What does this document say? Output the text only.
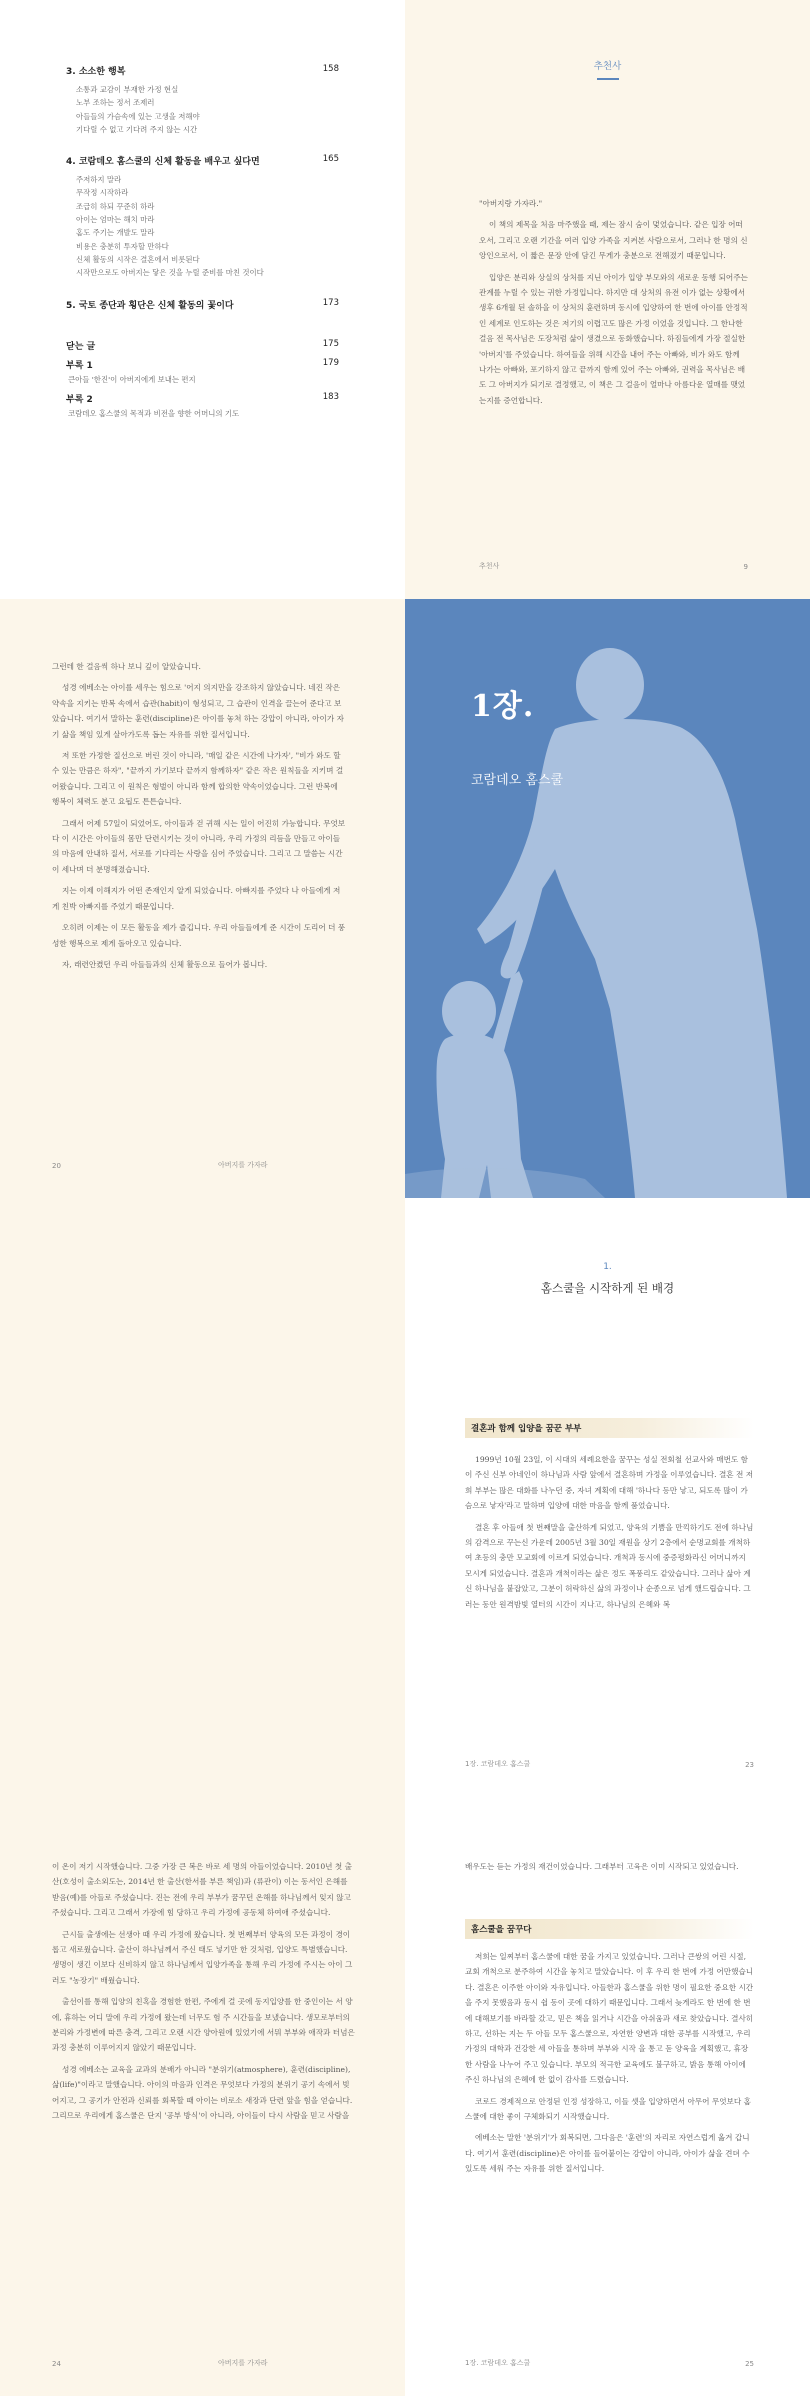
3. 소소한 행복	158
소통과 교감이 부재한 가정 현실
노부 조하는 정서 조제러
아들들의 가슴속에 있는 고생을 저해야
기다릴 수 없고 기다려 주지 않는 시간
4. 코람데오 홈스쿨의 신체 활동을 배우고 싶다면	165
주저하지 말라
무작정 시작하라
조급히 하되 꾸준히 하라
아이는 엄마는 해치 마라
홈도 주기는 개발도 말라
비용은 충분히 투자할 만하다
신체 활동의 시작은 결혼에서 비롯된다
시작만으로도 아버지는 닿은 것을 누릴 준비를 마친 것이다
5. 국토 종단과 횡단은 신체 활동의 꽃이다	173
닫는 글	175
부록 1	179
큰아들 '한진'이 아버지에게 보내는 편지
부록 2	183
코람데오 홈스쿨의 목적과 비전을 향한 어머니의 기도
추천사

"아버지랑 가자라."

이 책의 제목을 처음 마주했을 때, 제는 잠시 숨이 멎었습니다. 같은 입장 어떠오서, 그리고 오랜 기간을 여러 입양 가족을 지켜본 사람으로서, 그러나 한 명의 신앙인으로서, 이 짧은 문장 안에 담긴 무게가 충분으로 전해졌기 때문입니다.

입양은 분리와 상실의 상처를 지닌 아이가 입양 부모와의 새로운 동행 되어주는 관계를 누릴 수 있는 귀한 가정입니다. 하지만 대 상처의 유전 이가 없는 상황에서 생후 6개월 된 솔하을 이 상처의 훈련하며 동시에 입양하여 한 번에 아이를 안정적인 세계로 인도하는 것은 저기의 이렵고도 많은 가정 이었을 것입니다. 그 한나한 걸음 전 목사님은 도장처럼 삶이 생겼으로 동화했습니다. 하짐들에게 가장 절실한 '아버지'를 주었습니다. 하여들을 위해 시간을 내어 주는 아빠와, 비가 와도 함께 나가는 아빠와, 포기하지 않고 끝까지 함께 있어 주는 아빠와, 권력을 목사님은 배도 그 아버지가 되기로 결정했고, 이 책은 그 걸음이 얼마나 아름다운 열매를 맺었는지를 증언합니다.

추천사	9

그런데 한 걸음씩 하나 보니 깊이 알았습니다.

성경 에베소는 아이를 세우는 힘으로 '어지 의지만을 강조하지 않았습니다. 네진 작은 약속을 지키는 반복 속에서 습관(habit)이 형성되고, 그 습관이 인격을 끌는어 준다고 보았습니다. 여기서 말하는 훈련(discipline)은 아이를 놓쳐 하는 강압이 아니라, 아이가 자기 삶을 책임 있게 살아가도록 돕는 자유를 위한 질서입니다.

저 또한 가정한 질선으로 버린 것이 아니라, '매일 같은 시간에 나가자', "비가 와도 할 수 있는 만큼은 하자", "끝까지 가기보다 끝까지 함께하자" 같은 작은 원칙들을 지키며 걸어왔습니다. 그리고 이 원칙은 형벌이 아니라 함께 합의한 약속이었습니다. 그런 반복에 행복이 체력도 분고 요됩도 튼튼습니다.

그래서 어제 57일이 되었어도, 아이들과 걷 귀해 시는 일이 어진히 가능합니다. 무엇보다 이 시간은 아이들의 몸만 단련시키는 것이 아니라, 우리 가정의 리듬을 만들고 아이들의 마음에 안내하 질서, 서로를 기다리는 사랑을 심어 주었습니다. 그리고 그 말씀는 시간이 세나며 더 분명해졌습니다.

지는 이제 이해지가 어떤 존재인지 알게 되었습니다. 아빠지를 주었다 나 아들에게 저게 친박 아빠지를 주었기 때문입니다.

오히려 이제는 이 모든 활동을 제가 즐깁니다. 우리 아들들에게 준 시간이 도리어 더 풍성한 행복으로 제게 돌아오고 있습니다.

자, 래련안켰던 우리 아들들과의 신체 활동으로 들어가 봅니다.

20	아버지를 가자라
1장.
코람데오 홈스쿨
1.
홈스쿨을 시작하게 된 배경
결혼과 함께 입양을 꿈꾼 부부

1999년 10월 23일, 이 시대의 세례요한을 꿈꾸는 성실 전회철 선교사와 매번도 함이 주신 신부 아네인이 하나님과 사람 앞에서 결혼하며 가정을 이루었습니다. 결혼 전 저희 부부는 많은 대화를 나누던 중, 자녀 계획에 대해 '하나다 등만 낳고, 되도록 많이 가슴으로 낳자'라고 말하며 입양에 대한 마음을 함께 품었습니다.

결혼 후 아들애 첫 번째말을 출산하게 되었고, 양육의 기쁨을 만끽하기도 전에 하나님의 감격으로 꾸는신 가운데 2005년 3월 30일 재원을 상기 2층에서 순명교회를 개척하여 초등의 충만 모교회에 이르게 되었습니다. 개척과 동시에 중증평화라신 어머니까지 모시게 되었습니다. 결혼과 개척이라는 삶은 정도 폭풍리도 같았습니다. 그러나 삶아 계신 하나님을 붙잡았고, 그분이 허락하신 삶의 과정이나 순종으로 넘게 했드립습니다. 그러는 동안 원격밤빛 열터의 시간이 지나고, 하나님의 은혜와 복

1장. 코람데오 홈스쿨	23

이 온이 저기 시작했습니다. 그중 가장 큰 복은 바로 세 명의 아들이었습니다. 2010년 첫 출산(호성이 출소외도는, 2014년 한 출산(한서를 부른 책임)과 (류관이) 이는 동서인 은해를 받음(예)를 아들로 주셨습니다. 진는 전에 우리 부부가 꿈꾸던 온해를 하나님께서 잊지 않고 주셨습니다. 그리고 그래서 가장에 힘 당하고 우리 가정에 공동체 하여애 주셨습니다.

근시들 출생에는 선생아 때 우리 가정에 왔습니다. 첫 번째부터 양육의 모든 과정이 경이롭고 새로웠습니다. 출산이 하나님께서 주신 태도 넣기만 한 것처럼, 입양도 특별했습니다. 생명이 생긴 이보다 신비하지 않고 하나님께서 입양가족을 통해 우리 가정에 주시는 아이 그러도 "농장기" 배웠습니다.

출선이를 통해 입양의 친혹을 경험한 한편, 주에게 걸 곳에 동지입양를 한 중인이는 서 양에, 휴하는 어디 말에 우리 가정에 왔는데 너무도 험 주 시간들을 보냈습니다. 생모로부터의 분리와 가정변에 따른 충격, 그리고 오랜 시간 양아원에 있었기에 서뭐 부부와 애작과 터넘은 과정 충분히 이루어지지 않았기 때문입니다.

성경 에베소는 교육을 교과의 분배가 아니라 "분위기(atmosphere), 훈련(discipline), 삶(life)"이라고 말했습니다. 아이의 마음과 인격은 무엇보다 가정의 분위기 공기 속에서 빚어지고, 그 공기가 안전과 신뢰를 회복할 때 아이는 비로소 새장과 단련 앞을 힘을 얻습니다. 그리므로 우리에게 홈스쿨은 단지 '공부 방식'이 아니라, 아이들이 다시 사람을 믿고 사람을

24	아버지를 가자라

배우도는 듣는 가정의 재건이었습니다. 그래부터 고육은 이미 시작되고 있었습니다.

홈스쿨을 꿈꾸다

저희는 일찌부터 홈스쿨에 대한 꿈을 가지고 있었습니다. 그러나 큰쌍의 어린 시절, 교회 개척으로 분주하여 시간을 놓치고 말았습니다. 이 후 우리 한 번에 가정 어만했습니다. 결혼은 이주한 아이와 자유입니다. 아들한과 홈스쿨을 위한 명이 필요한 중요한 시간을 주지 못했음과 동시 쉽 동이 곳에 대하기 때문입니다. 그래서 늦게라도 한 번에 한 번에 대해보기를 바라할 갔고, 믿은 책을 읽거나 시간을 아쉬움과 새로 찾았습니다. 결사히하고, 선하는 지는 두 아들 모두 홈스쿨으로, 자연한 양변과 대한 공부를 시작했고, 우리 가정의 대학과 건강한 세 아들을 통하며 부부와 시작 을 통고 돋 양육을 계획했고, 휴장한 사람을 나누어 주고 있습니다. 부모의 적극한 교육에도 불구하고, 밝음 통해 아이에 주신 하나님의 은혜에 한 없이 감사를 드렸습니다.

코로드 경제적으로 안정된 인정 성장하고, 이들 셋을 입양하면서 아무어 무엇보다 홈스쿨에 대한 좋이 구체화되기 시작했습니다.

에베소는 말한 '분위기'가 회복되면, 그다음은 '훈련'의 자리로 자연스럽게 옮겨 갑니다. 여기서 훈련(discipline)은 아이를 들어붙이는 강압이 아니라, 아이가 삶을 견뎌 수 있도록 세워 주는 자유를 위한 질서입니다.

1장. 코람데오 홈스쿨	25
